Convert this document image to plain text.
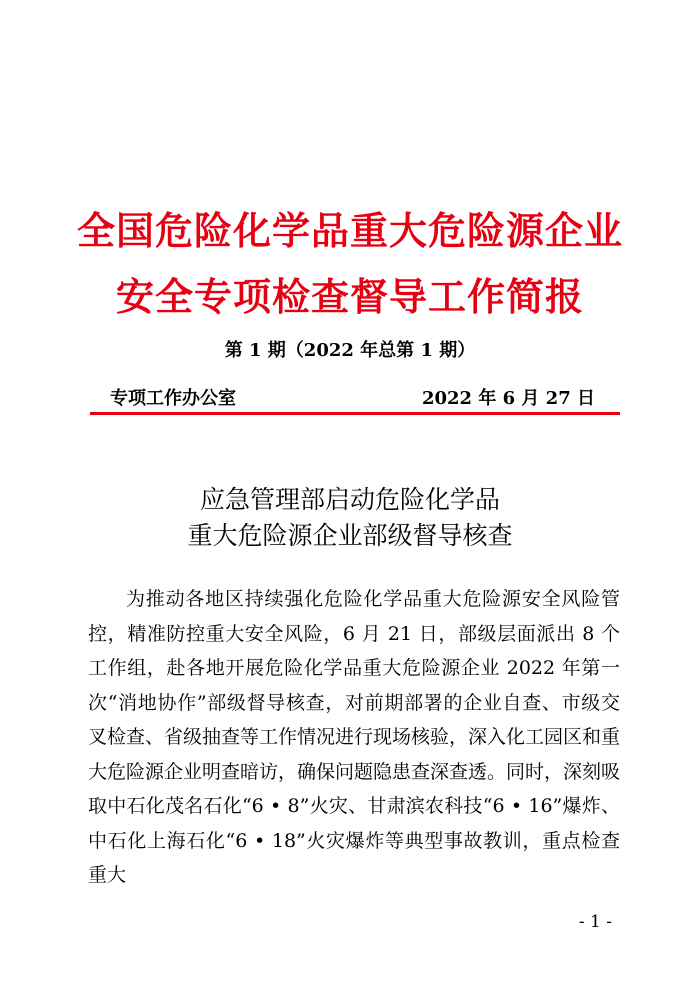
全国危险化学品重大危险源企业
安全专项检查督导工作简报
第 1 期（2022 年总第 1 期）
专项工作办公室	2022 年 6 月 27 日
应急管理部启动危险化学品
重大危险源企业部级督导核查

为推动各地区持续强化危险化学品重大危险源安全风险管控，精准防控重大安全风险，6 月 21 日，部级层面派出 8 个工作组，赴各地开展危险化学品重大危险源企业 2022 年第一次“消地协作”部级督导核查，对前期部署的企业自查、市级交叉检查、省级抽查等工作情况进行现场核验，深入化工园区和重大危险源企业明查暗访，确保问题隐患查深查透。同时，深刻吸取中石化茂名石化“6 • 8”火灾、甘肃滨农科技“6 • 16”爆炸、中石化上海石化“6 • 18”火灾爆炸等典型事故教训，重点检查重大

- 1 -
